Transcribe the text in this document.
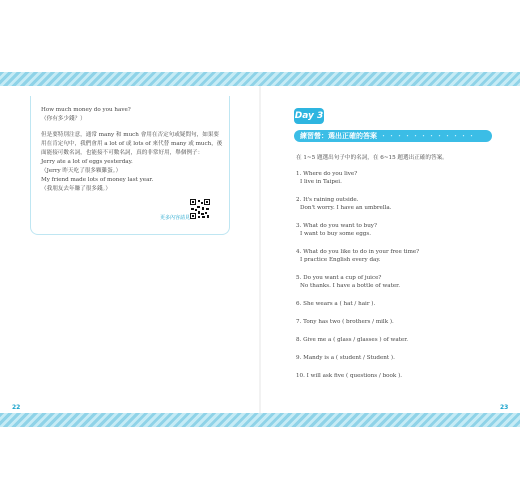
How much money do you have?
（你有多少錢？）
但是要特別注意，通常 many 和 much 會用在否定句或疑問句，如果要
用在肯定句中，我們會用 a lot of 或 lots of 來代替 many 或 much，後
面能接可數名詞，也能接不可數名詞，真的非常好用，舉個例子：
Jerry ate a lot of eggs yesterday.
（Jerry 昨天吃了很多顆雞蛋。）
My friend made lots of money last year.
（我朋友去年賺了很多錢。）
更多內容請見
22
Day 3
練習營：選出正確的答案
・・・・・・・・・・・・・
在 1~5 題選出句子中的名詞，在 6~15 題選出正確的答案。
1. Where do you live?
I live in Taipei.
2. It's raining outside.
Don't worry. I have an umbrella.
3. What do you want to buy?
I want to buy some eggs.
4. What do you like to do in your free time?
I practice English every day.
5. Do you want a cup of juice?
No thanks. I have a bottle of water.
6. She wears a ( hat / hair ).
7. Tony has two ( brothers / milk ).
8. Give me a ( glass / glasses ) of water.
9. Mandy is a ( student / Student ).
10. I will ask five ( questions / book ).
23
